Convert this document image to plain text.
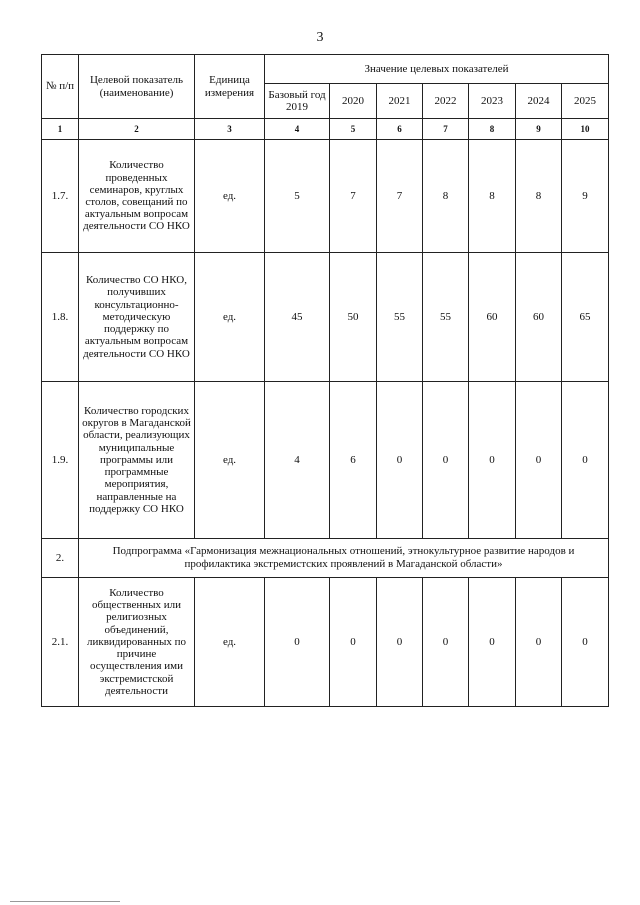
3
№ п/п	Целевой показатель (наименование)	Единица измерения	Значение целевых показателей						
			Базовый год 2019	2020	2021	2022	2023	2024	2025
1	2	3	4	5	6	7	8	9	10
1.7.	Количество проведенных семинаров, круглых столов, совещаний по актуальным вопросам деятельности СО НКО	ед.	5	7	7	8	8	8	9
1.8.	Количество СО НКО, получивших консультационно-методическую поддержку по актуальным вопросам деятельности СО НКО	ед.	45	50	55	55	60	60	65
1.9.	Количество городских округов в Магаданской области, реализующих муниципальные программы или программные мероприятия, направленные на поддержку СО НКО	ед.	4	6	0	0	0	0	0
2.	Подпрограмма «Гармонизация межнациональных отношений, этнокультурное развитие народов и профилактика экстремистских проявлений в Магаданской области»								
2.1.	Количество общественных или религиозных объединений, ликвидированных по причине осуществления ими экстремистской деятельности	ед.	0	0	0	0	0	0	0
